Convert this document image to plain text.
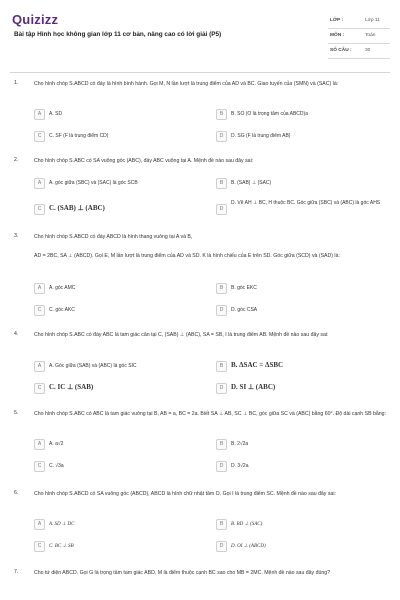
Quizizz
Bài tập Hình học không gian lớp 11 cơ bản, nâng cao có lời giải (P5)
LỚP :	Lớp 11
MÔN :	Toán
SỐ CÂU :	30
1.	Cho hình chóp S.ABCD có đáy là hình bình hành. Gọi M, N lần lượt là trung điểm của AD và BC. Giao tuyến của (SMN) và (SAC) là:
A	A. SD	B	B. SO (O là trọng tâm của ABCD)a
C	C. SF (F là trung điểm CD)	D	D. SG (F là trung điểm AB)
2.	Cho hình chóp S.ABC có SA vuông góc (ABC), đáy ABC vuông tại A. Mệnh đề nào sau đây sai:
A	A. góc giữa (SBC) và (SAC) là góc SCB	B	B. (SAB) ⊥ (SAC)
C	C. (SAB) ⊥ (ABC)	D
D. Vẽ AH ⊥ BC, H thuộc BC. Góc giữa (SBC) và (ABC) là góc AHS
3.	Cho hình chóp S.ABCD có đáy ABCD là hình thang vuông tại A và B,
AD = 2BC, SA ⊥ (ABCD). Gọi E, M lần lượt là trung điểm của AD và SD. K là hình chiếu của E trên SD. Góc giữa (SCD) và (SAD) là:
A	A. góc AMC	B	B. góc EKC
C	C. góc AKC	D	D. góc CSA
4.	Cho hình chóp S.ABC có đáy ABC là tam giác cân tại C, (SAB) ⊥ (ABC), SA = SB, I là trung điểm AB. Mệnh đề nào sau đây sai:
A	A. Góc giữa (SAB) và (ABC) là góc SIC	B	B. ΔSAC = ΔSBC
C	C. IC ⊥ (SAB)	D	D. SI ⊥ (ABC)
5.	Cho hình chóp S.ABC có ABC là tam giác vuông tại B, AB = a, BC = 2a. Biết SA ⊥ AB, SC ⊥ BC, góc giữa SC và (ABC) bằng 60°. Độ dài cạnh SB bằng:
A	A. a√2	B	B. 2√2a
C	C. √3a	D	D. 3√2a
6.	Cho hình chóp S.ABCD có SA vuông góc (ABCD), ABCD là hình chữ nhật tâm O. Gọi I là trung điểm SC. Mệnh đề nào sau đây sai:
A	A. SD ⊥ DC	B	B. BD ⊥ (SAC)
C	C. BC ⊥ SB	D	D. OI ⊥ (ABCD)
7.	Cho tứ diện ABCD. Gọi G là trọng tâm tam giác ABD, M là điểm thuộc cạnh BC sao cho MB = 2MC. Mệnh đề nào sau đây đúng?
